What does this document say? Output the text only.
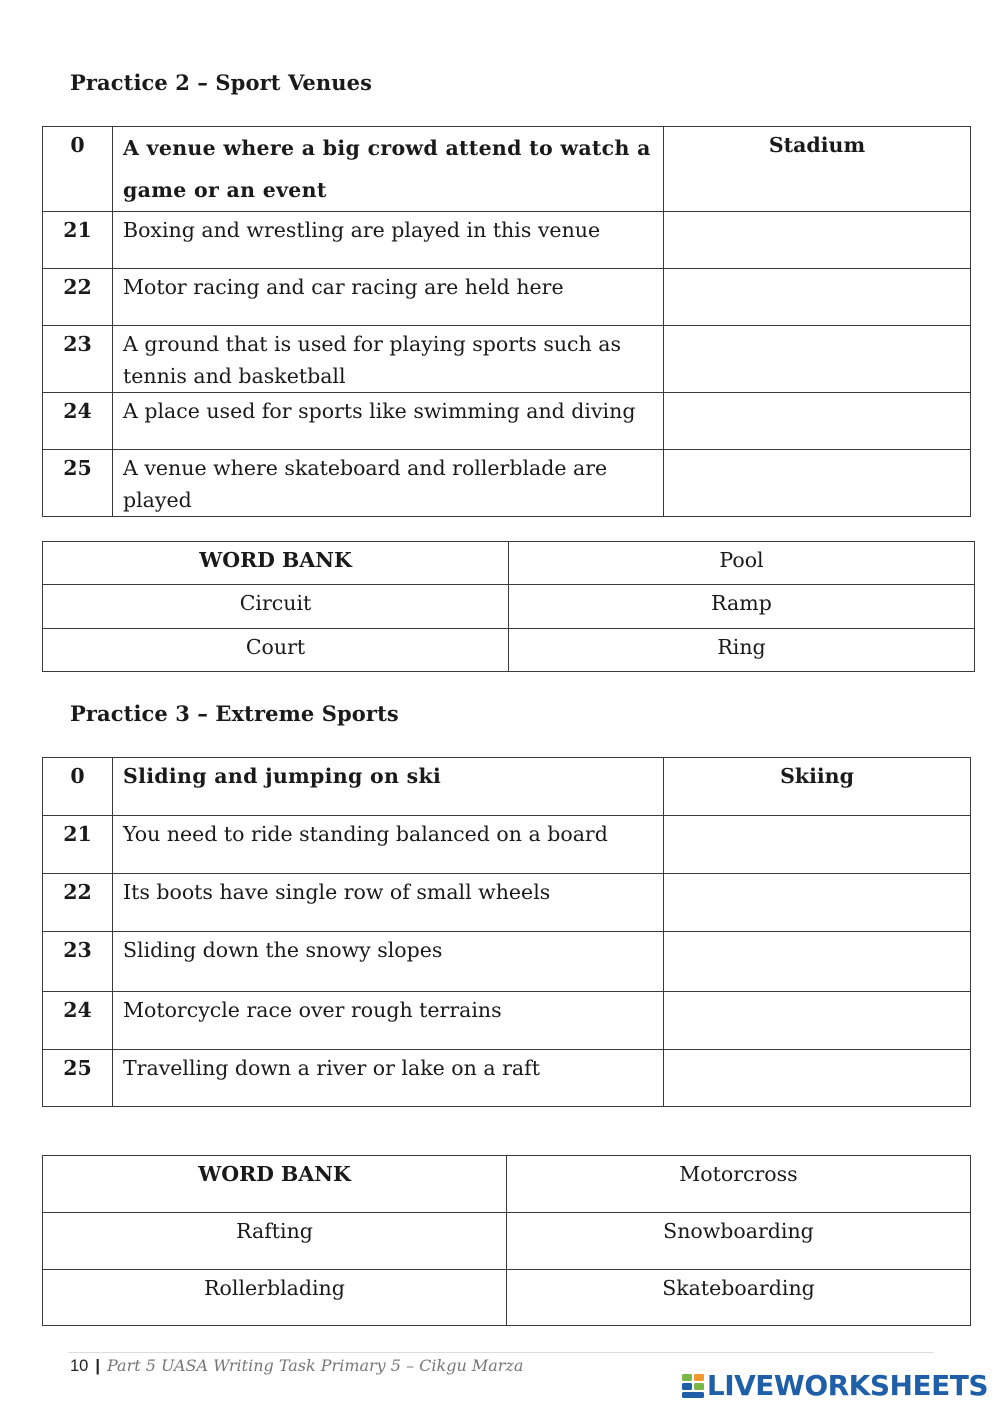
Practice 2 – Sport Venues
0	A venue where a big crowd attend to watch a game or an event	Stadium
21	Boxing and wrestling are played in this venue	
22	Motor racing and car racing are held here	
23	A ground that is used for playing sports such as tennis and basketball	
24	A place used for sports like swimming and diving	
25	A venue where skateboard and rollerblade are played	
WORD BANK	Pool
Circuit	Ramp
Court	Ring
Practice 3 – Extreme Sports
0	Sliding and jumping on ski	Skiing
21	You need to ride standing balanced on a board	
22	Its boots have single row of small wheels	
23	Sliding down the snowy slopes	
24	Motorcycle race over rough terrains	
25	Travelling down a river or lake on a raft	
WORD BANK	Motorcross
Rafting	Snowboarding
Rollerblading	Skateboarding
10 | Part 5 UASA Writing Task Primary 5 – Cikgu Marza
LIVEWORKSHEETS
